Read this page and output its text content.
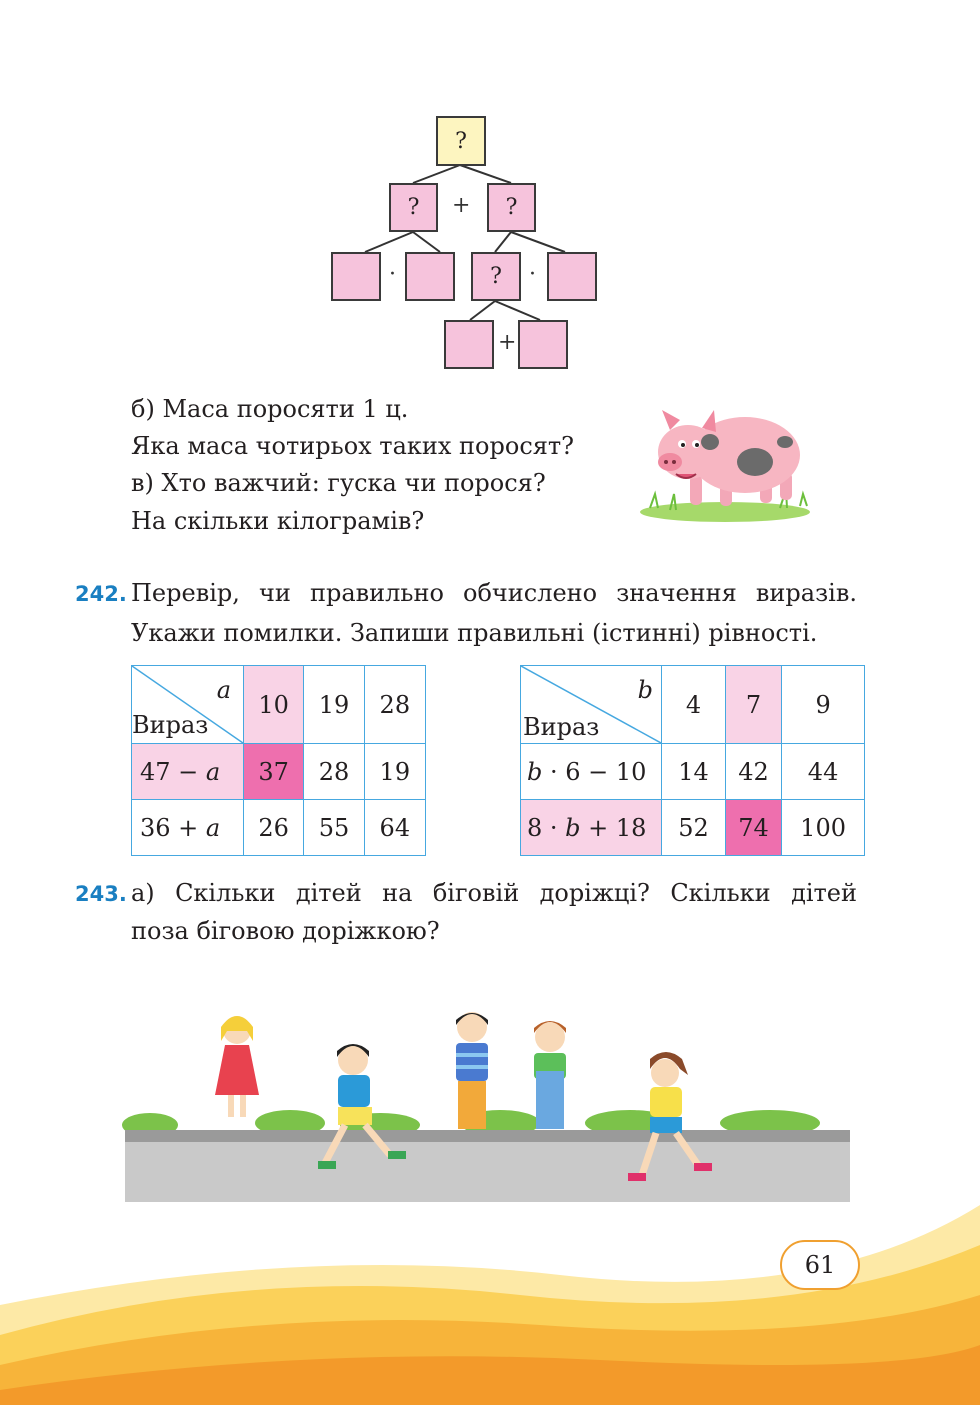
?
? + ?
·	? ·
+
б) Маса поросяти 1 ц.
Яка маса чотирьох таких поросят?
в) Хто важчий: гуска чи порося?
На скільки кілограмів?
242. Перевір, чи правильно обчислено значення виразів.
Укажи помилки. Запиши правильні (істинні) рівності.
a
Вираз	10	19	28
47 − a	37	28	19
36 + a	26	55	64
b
Вираз	4	7	9
b · 6 − 10	14	42	44
8 · b + 18	52	74	100
243. а) Скільки дітей на біговій доріжці? Скільки дітей
поза біговою доріжкою?
61
